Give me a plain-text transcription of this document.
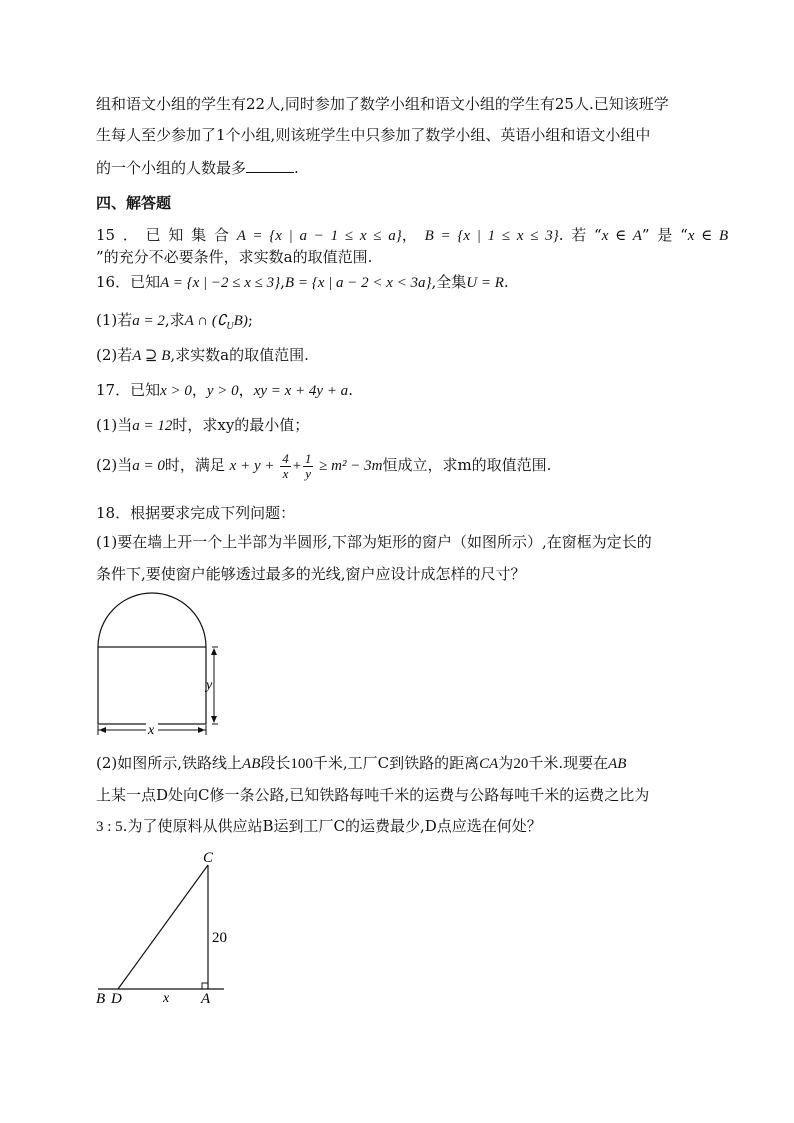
组和语文小组的学生有22人,同时参加了数学小组和语文小组的学生有25人.已知该班学
生每人至少参加了1个小组,则该班学生中只参加了数学小组、英语小组和语文小组中
的一个小组的人数最多	.
四、解答题
15 ． 已 知 集 合 A = {x | a − 1 ≤ x ≤ a}， B = {x | 1 ≤ x ≤ 3}. 若 “x ∈ A” 是 “x ∈ B
”的充分不必要条件，求实数a的取值范围.
16．已知A = {x | −2 ≤ x ≤ 3},B = {x | a − 2 < x < 3a},全集U = R.
(1)若a = 2,求A ∩ $(∁_UB)$;
(2)若A ⊇ B,求实数a的取值范围.
17．已知x > 0，y > 0，xy = x + 4y + a.
(1)当a = 12时，求xy的最小值；
(2)当a = 0时，满足 $x + y + \frac{4}{x} + \frac{1}{y} \ge m^2 - 3m$恒成立，求m的取值范围.
18．根据要求完成下列问题：
(1)要在墙上开一个上半部为半圆形,下部为矩形的窗户（如图所示）,在窗框为定长的
条件下,要使窗户能够透过最多的光线,窗户应设计成怎样的尺寸？
y
x
(2)如图所示,铁路线上AB段长100千米,工厂C到铁路的距离CA为20千米.现要在AB
上某一点D处向C修一条公路,已知铁路每吨千米的运费与公路每吨千米的运费之比为
3 : 5.为了使原料从供应站B运到工厂C的运费最少,D点应选在何处？
C
20
B D	x A
